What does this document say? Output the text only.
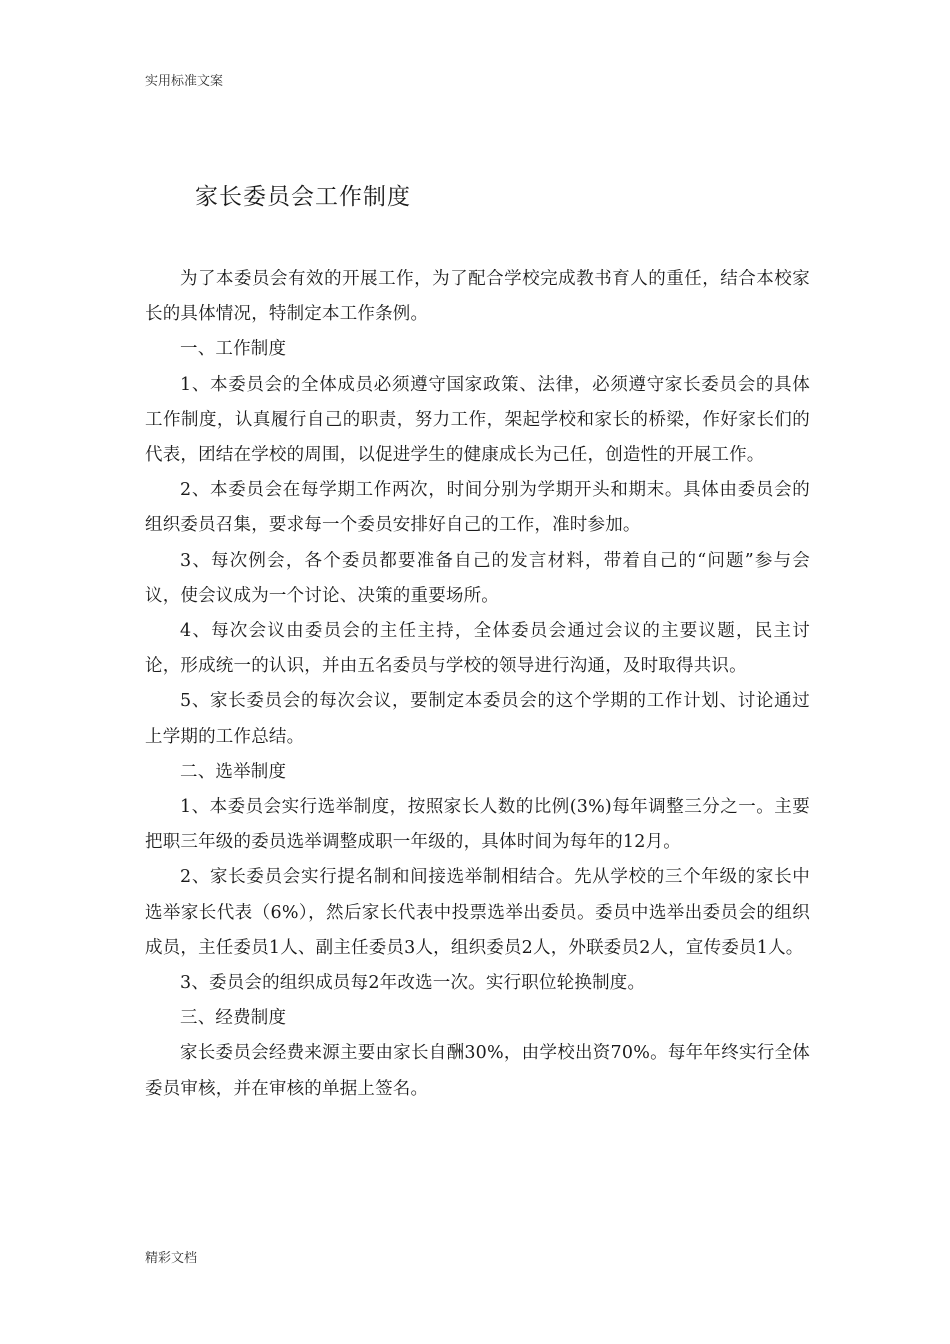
实用标准文案
家长委员会工作制度

为了本委员会有效的开展工作，为了配合学校完成教书育人的重任，结合本校家长的具体情况，特制定本工作条例。

一、工作制度

1、本委员会的全体成员必须遵守国家政策、法律，必须遵守家长委员会的具体工作制度，认真履行自己的职责，努力工作，架起学校和家长的桥梁，作好家长们的代表，团结在学校的周围，以促进学生的健康成长为己任，创造性的开展工作。

2、本委员会在每学期工作两次，时间分别为学期开头和期末。具体由委员会的组织委员召集，要求每一个委员安排好自己的工作，准时参加。

3、每次例会，各个委员都要准备自己的发言材料，带着自己的“问题”参与会议，使会议成为一个讨论、决策的重要场所。

4、每次会议由委员会的主任主持，全体委员会通过会议的主要议题，民主讨论，形成统一的认识，并由五名委员与学校的领导进行沟通，及时取得共识。

5、家长委员会的每次会议，要制定本委员会的这个学期的工作计划、讨论通过上学期的工作总结。

二、选举制度

1、本委员会实行选举制度，按照家长人数的比例(3%)每年调整三分之一。主要把职三年级的委员选举调整成职一年级的，具体时间为每年的12月。

2、家长委员会实行提名制和间接选举制相结合。先从学校的三个年级的家长中选举家长代表（6%），然后家长代表中投票选举出委员。委员中选举出委员会的组织成员，主任委员1人、副主任委员3人，组织委员2人，外联委员2人，宣传委员1人。

3、委员会的组织成员每2年改选一次。实行职位轮换制度。

三、经费制度

家长委员会经费来源主要由家长自酬30%，由学校出资70%。每年年终实行全体委员审核，并在审核的单据上签名。

精彩文档
